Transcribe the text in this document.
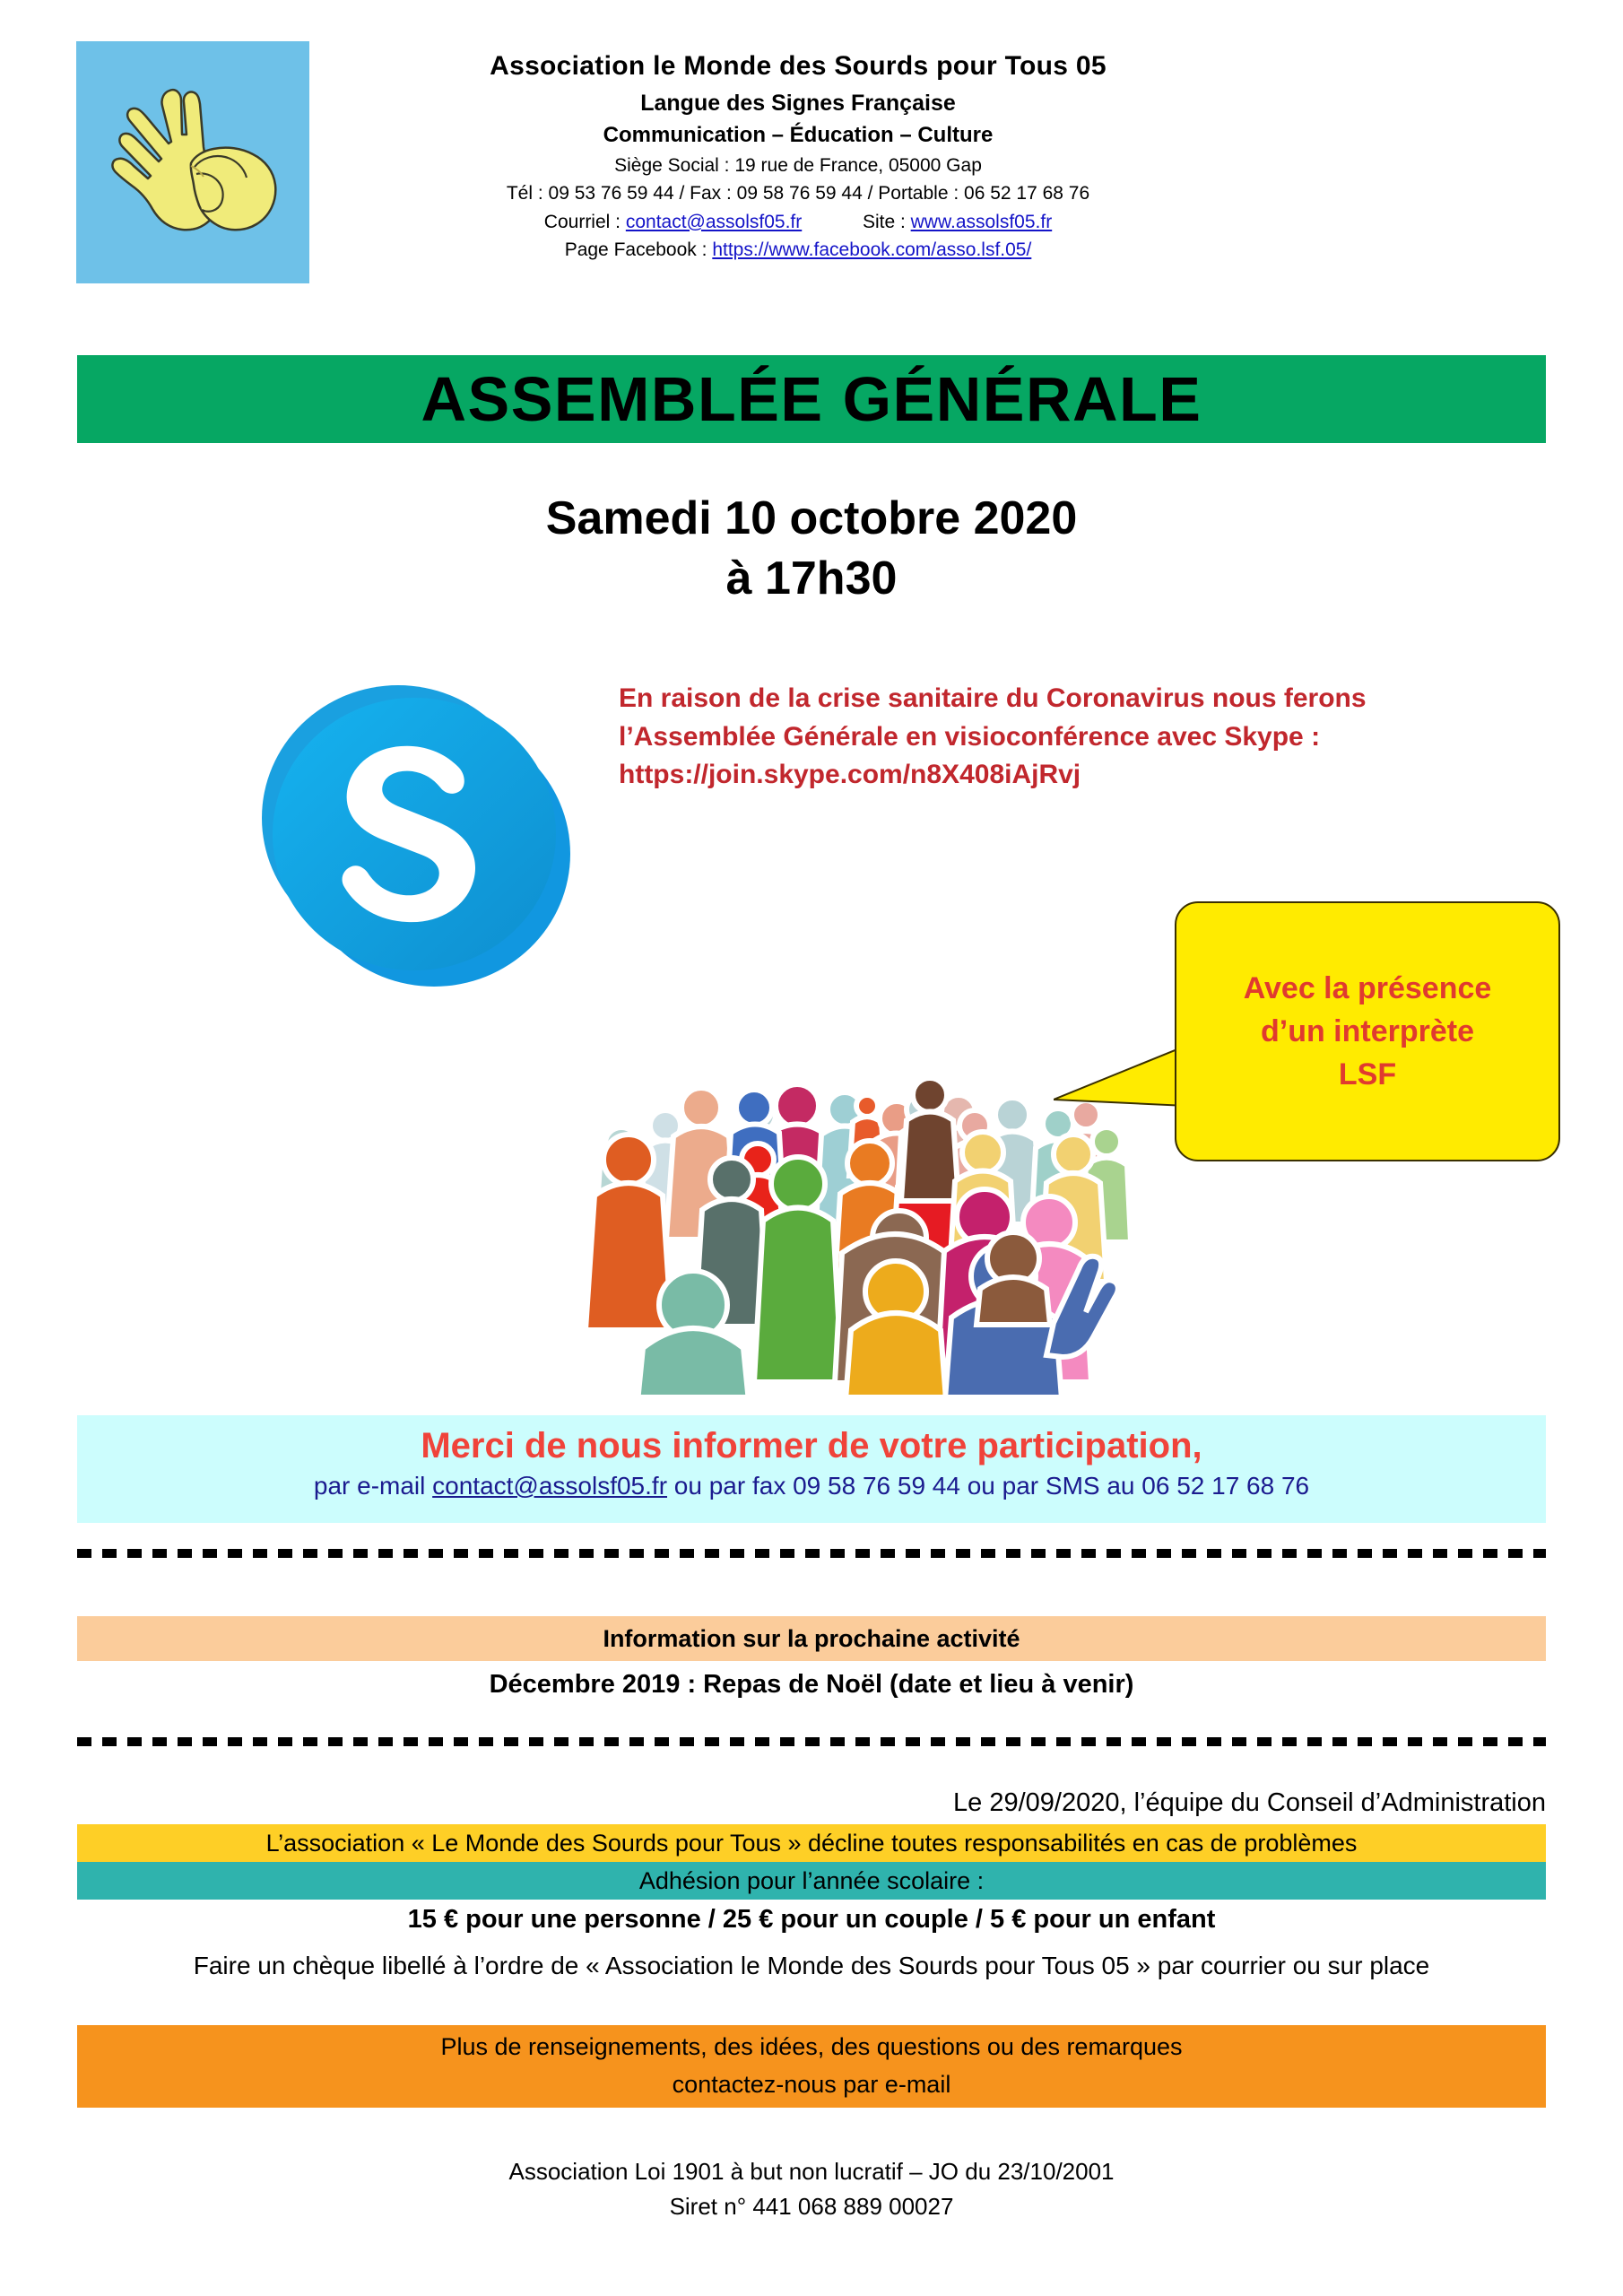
Association le Monde des Sourds pour Tous 05
Langue des Signes Française
Communication – Éducation – Culture
Siège Social : 19 rue de France, 05000 Gap
Tél : 09 53 76 59 44 / Fax : 09 58 76 59 44 / Portable : 06 52 17 68 76
Courriel : contact@assolsf05.fr	Site : www.assolsf05.fr
Page Facebook : https://www.facebook.com/asso.lsf.05/
ASSEMBLÉE GÉNÉRALE
Samedi 10 octobre 2020
à 17h30
En raison de la crise sanitaire du Coronavirus nous ferons
l’Assemblée Générale en visioconférence avec Skype :
https://join.skype.com/n8X408iAjRvj
Avec la présence
d’un interprète
LSF
Merci de nous informer de votre participation,
par e-mail contact@assolsf05.fr ou par fax 09 58 76 59 44 ou par SMS au 06 52 17 68 76
Information sur la prochaine activité
Décembre 2019 : Repas de Noël (date et lieu à venir)
Le 29/09/2020, l’équipe du Conseil d’Administration
L’association « Le Monde des Sourds pour Tous » décline toutes responsabilités en cas de problèmes
Adhésion pour l’année scolaire :
15 € pour une personne / 25 € pour un couple / 5 € pour un enfant
Faire un chèque libellé à l’ordre de « Association le Monde des Sourds pour Tous 05 » par courrier ou sur place
Plus de renseignements, des idées, des questions ou des remarques
contactez-nous par e-mail
Association Loi 1901 à but non lucratif – JO du 23/10/2001
Siret n° 441 068 889 00027
